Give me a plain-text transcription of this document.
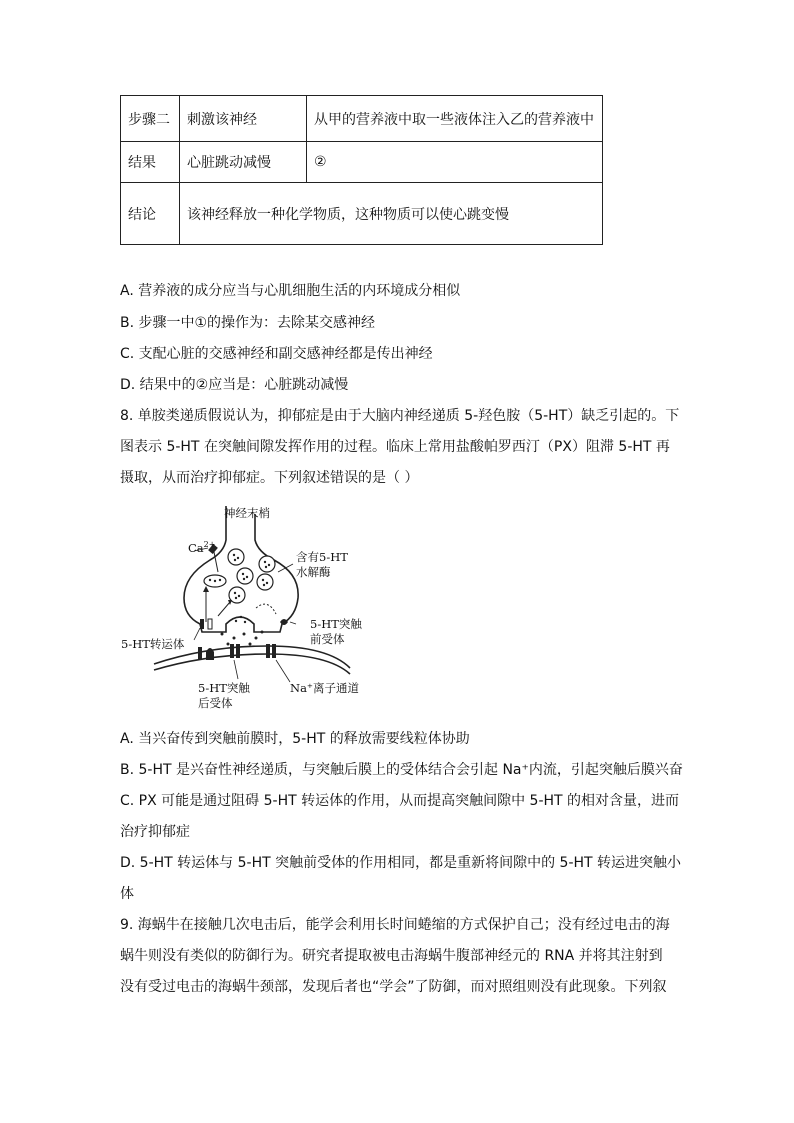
步骤二	刺激该神经	从甲的营养液中取一些液体注入乙的营养液中
结果	心脏跳动减慢	②
结论	该神经释放一种化学物质，这种物质可以使心跳变慢	
A. 营养液的成分应当与心肌细胞生活的内环境成分相似
B. 步骤一中①的操作为：去除某交感神经
C. 支配心脏的交感神经和副交感神经都是传出神经
D. 结果中的②应当是：心脏跳动减慢
8. 单胺类递质假说认为，抑郁症是由于大脑内神经递质 5-羟色胺（5-HT）缺乏引起的。下
图表示 5-HT 在突触间隙发挥作用的过程。临床上常用盐酸帕罗西汀（PX）阻滞 5-HT 再
摄取，从而治疗抑郁症。下列叙述错误的是（ ）
神经末梢
$Ca^{2+}$
含有5-HT
水解酶
5-HT突触
前受体
5-HT转运体
5-HT突触
后受体
Na⁺离子通道
A. 当兴奋传到突触前膜时，5-HT 的释放需要线粒体协助
B. 5-HT 是兴奋性神经递质，与突触后膜上的受体结合会引起 Na⁺内流，引起突触后膜兴奋
C. PX 可能是通过阻碍 5-HT 转运体的作用，从而提高突触间隙中 5-HT 的相对含量，进而
治疗抑郁症
D. 5-HT 转运体与 5-HT 突触前受体的作用相同，都是重新将间隙中的 5-HT 转运进突触小
体
9. 海蜗牛在接触几次电击后，能学会利用长时间蜷缩的方式保护自己；没有经过电击的海
蜗牛则没有类似的防御行为。研究者提取被电击海蜗牛腹部神经元的 RNA 并将其注射到
没有受过电击的海蜗牛颈部，发现后者也“学会”了防御，而对照组则没有此现象。下列叙
